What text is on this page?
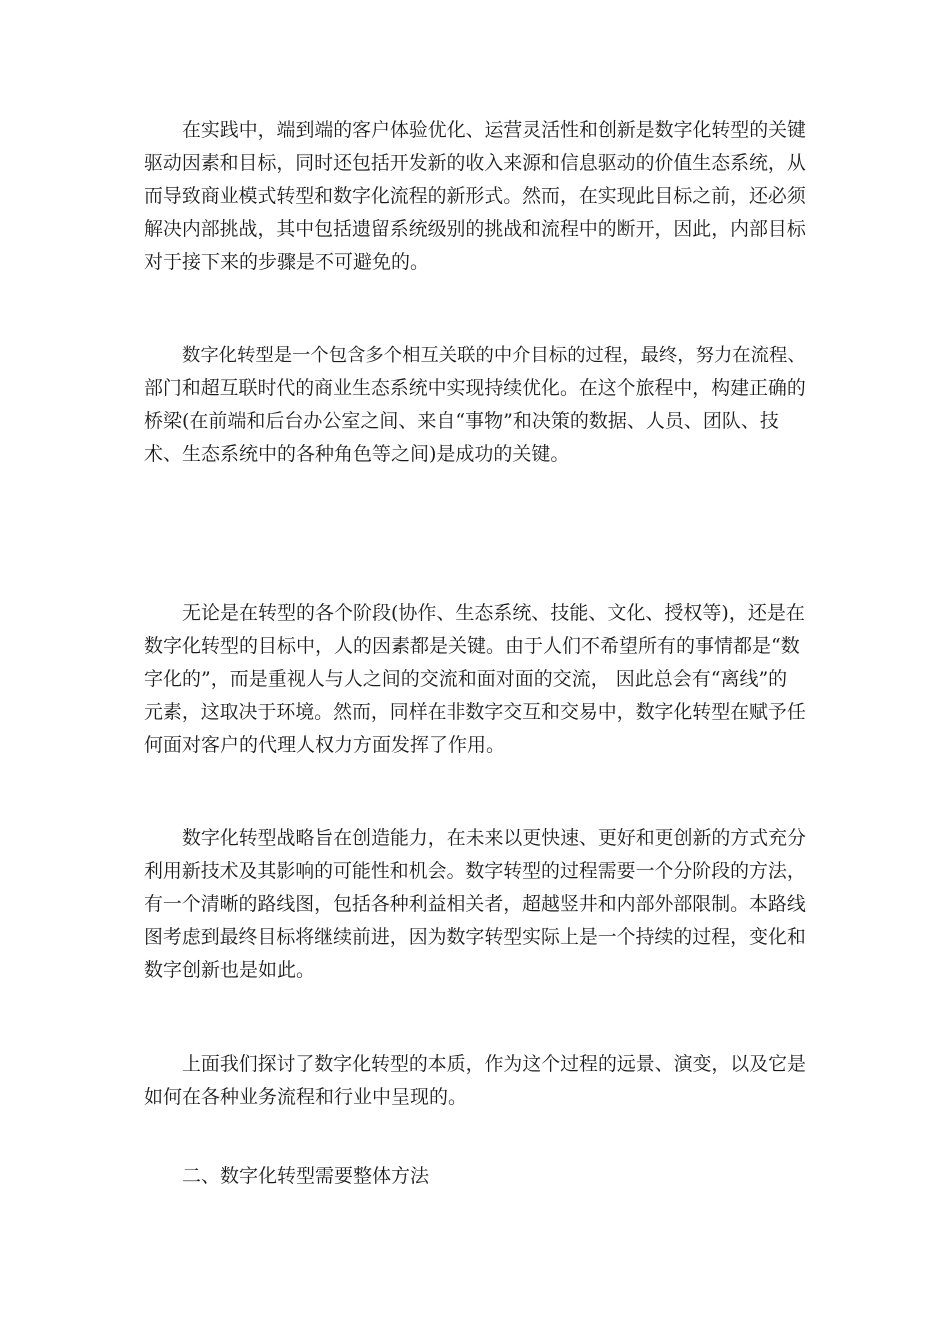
在实践中，端到端的客户体验优化、运营灵活性和创新是数字化转型的关键
驱动因素和目标，同时还包括开发新的收入来源和信息驱动的价值生态系统，从
而导致商业模式转型和数字化流程的新形式。然而，在实现此目标之前，还必须
解决内部挑战，其中包括遗留系统级别的挑战和流程中的断开，因此，内部目标
对于接下来的步骤是不可避免的。
数字化转型是一个包含多个相互关联的中介目标的过程，最终，努力在流程、
部门和超互联时代的商业生态系统中实现持续优化。在这个旅程中，构建正确的
桥梁(在前端和后台办公室之间、来自“事物”和决策的数据、人员、团队、技
术、生态系统中的各种角色等之间)是成功的关键。
无论是在转型的各个阶段(协作、生态系统、技能、文化、授权等)，还是在
数字化转型的目标中，人的因素都是关键。由于人们不希望所有的事情都是“数
字化的”，而是重视人与人之间的交流和面对面的交流， 因此总会有“离线”的
元素，这取决于环境。然而，同样在非数字交互和交易中，数字化转型在赋予任
何面对客户的代理人权力方面发挥了作用。
数字化转型战略旨在创造能力，在未来以更快速、更好和更创新的方式充分
利用新技术及其影响的可能性和机会。数字转型的过程需要一个分阶段的方法，
有一个清晰的路线图，包括各种利益相关者，超越竖井和内部外部限制。本路线
图考虑到最终目标将继续前进，因为数字转型实际上是一个持续的过程，变化和
数字创新也是如此。
上面我们探讨了数字化转型的本质，作为这个过程的远景、演变，以及它是
如何在各种业务流程和行业中呈现的。
二、数字化转型需要整体方法
